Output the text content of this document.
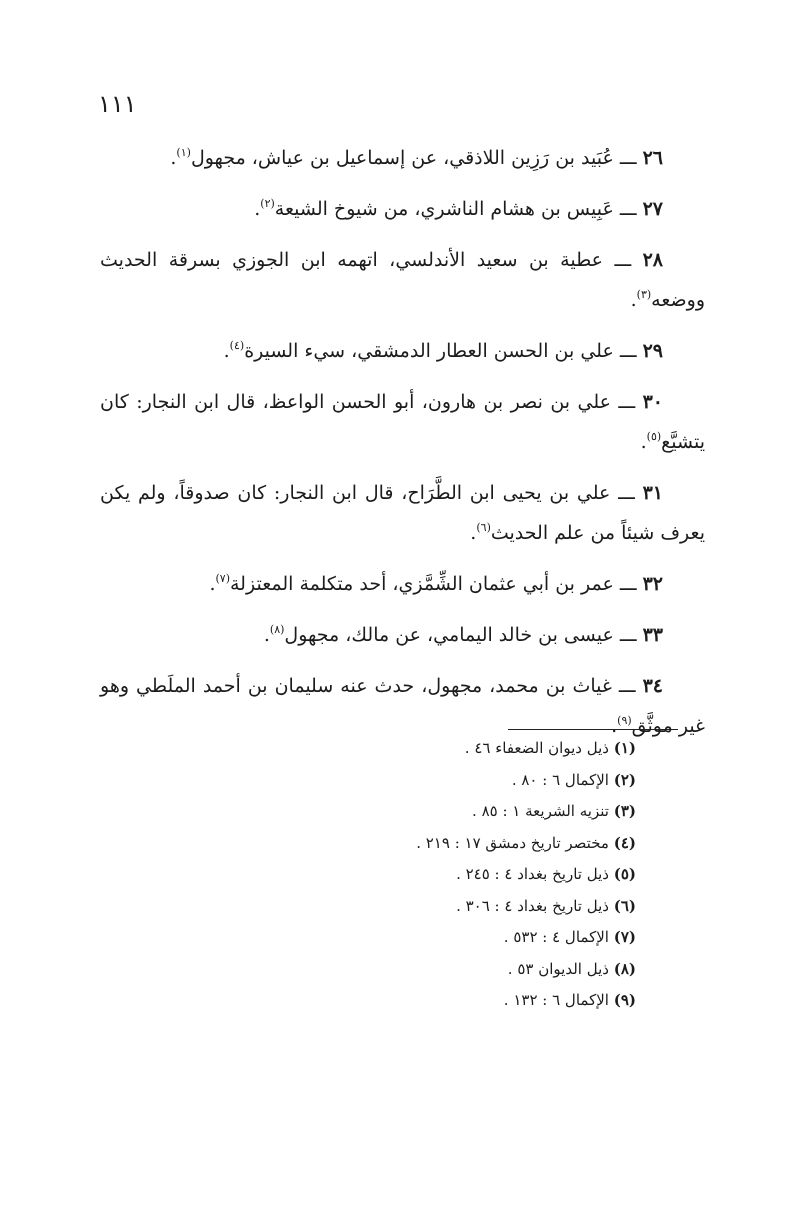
١١١

٢٦ ـــ عُبَيد بن رَزِين اللاذقي، عن إسماعيل بن عياش، مجهول$^{(١)}$.

٢٧ ـــ عَبِيس بن هشام الناشري، من شيوخ الشيعة$^{(٢)}$.

٢٨ ـــ عطية بن سعيد الأندلسي، اتهمه ابن الجوزي بسرقة الحديث ووضعه$^{(٣)}$.

٢٩ ـــ علي بن الحسن العطار الدمشقي، سيء السيرة$^{(٤)}$.

٣٠ ـــ علي بن نصر بن هارون، أبو الحسن الواعظ، قال ابن النجار: كان يتشيَّع$^{(٥)}$.

٣١ ـــ علي بن يحيى ابن الطَّرَاح، قال ابن النجار: كان صدوقاً، ولم يكن يعرف شيئاً من علم الحديث$^{(٦)}$.

٣٢ ـــ عمر بن أبي عثمان الشِّمَّزي، أحد متكلمة المعتزلة$^{(٧)}$.

٣٣ ـــ عيسى بن خالد اليمامي، عن مالك، مجهول$^{(٨)}$.

٣٤ ـــ غياث بن محمد، مجهول، حدث عنه سليمان بن أحمد الملَطي وهو غير موثَّق$^{(٩)}$.

(١) ذيل ديوان الضعفاء ٤٦ .
(٢) الإكمال ٦ : ٨٠ .
(٣) تنزيه الشريعة ١ : ٨٥ .
(٤) مختصر تاريخ دمشق ١٧ : ٢١٩ .
(٥) ذيل تاريخ بغداد ٤ : ٢٤٥ .
(٦) ذيل تاريخ بغداد ٤ : ٣٠٦ .
(٧) الإكمال ٤ : ٥٣٢ .
(٨) ذيل الديوان ٥٣ .
(٩) الإكمال ٦ : ١٣٢ .
